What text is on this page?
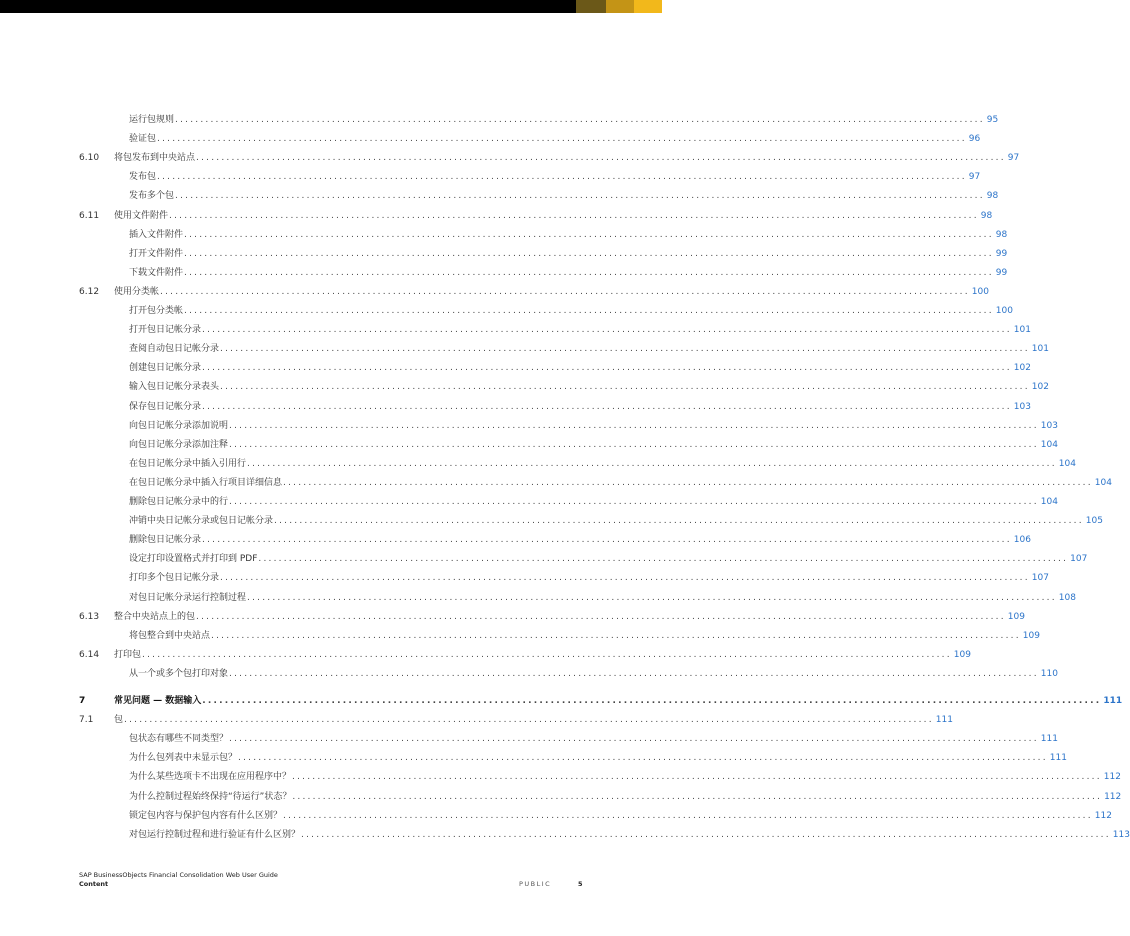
运行包规则 ................................................................................................................................................................ 95
验证包 ................................................................................................................................................................ 96
6.10 将包发布到中央站点 ................................................................................................................................................................ 97
发布包 ................................................................................................................................................................ 97
发布多个包 ................................................................................................................................................................ 98
6.11 使用文件附件 ................................................................................................................................................................ 98
插入文件附件 ................................................................................................................................................................ 98
打开文件附件 ................................................................................................................................................................ 99
下载文件附件 ................................................................................................................................................................ 99
6.12 使用分类帐 ................................................................................................................................................................ 100
打开包分类帐 ................................................................................................................................................................ 100
打开包日记帐分录 ................................................................................................................................................................ 101
查阅自动包日记帐分录 ................................................................................................................................................................ 101
创建包日记帐分录 ................................................................................................................................................................ 102
输入包日记帐分录表头 ................................................................................................................................................................ 102
保存包日记帐分录 ................................................................................................................................................................ 103
向包日记帐分录添加说明 ................................................................................................................................................................ 103
向包日记帐分录添加注释 ................................................................................................................................................................ 104
在包日记帐分录中插入引用行 ................................................................................................................................................................ 104
在包日记帐分录中插入行项目详细信息 ................................................................................................................................................................ 104
删除包日记帐分录中的行 ................................................................................................................................................................ 104
冲销中央日记帐分录或包日记帐分录 ................................................................................................................................................................ 105
删除包日记帐分录 ................................................................................................................................................................ 106
设定打印设置格式并打印到 PDF ................................................................................................................................................................ 107
打印多个包日记帐分录 ................................................................................................................................................................ 107
对包日记帐分录运行控制过程 ................................................................................................................................................................ 108
6.13 整合中央站点上的包 ................................................................................................................................................................ 109
将包整合到中央站点 ................................................................................................................................................................ 109
6.14 打印包 ................................................................................................................................................................ 109
从一个或多个包打印对象 ................................................................................................................................................................ 110
7	常见问题 — 数据输入 ................................................................................................................................................................ 111
7.1 包 ................................................................................................................................................................ 111
包状态有哪些不同类型？ ................................................................................................................................................................ 111
为什么包列表中未显示包？ ................................................................................................................................................................ 111
为什么某些选项卡不出现在应用程序中？ ................................................................................................................................................................ 112
为什么控制过程始终保持“待运行”状态？ ................................................................................................................................................................ 112
锁定包内容与保护包内容有什么区别？ ................................................................................................................................................................ 112
对包运行控制过程和进行验证有什么区别？ ................................................................................................................................................................ 113
SAP BusinessObjects Financial Consolidation Web User Guide
Content	PUBLIC	5
